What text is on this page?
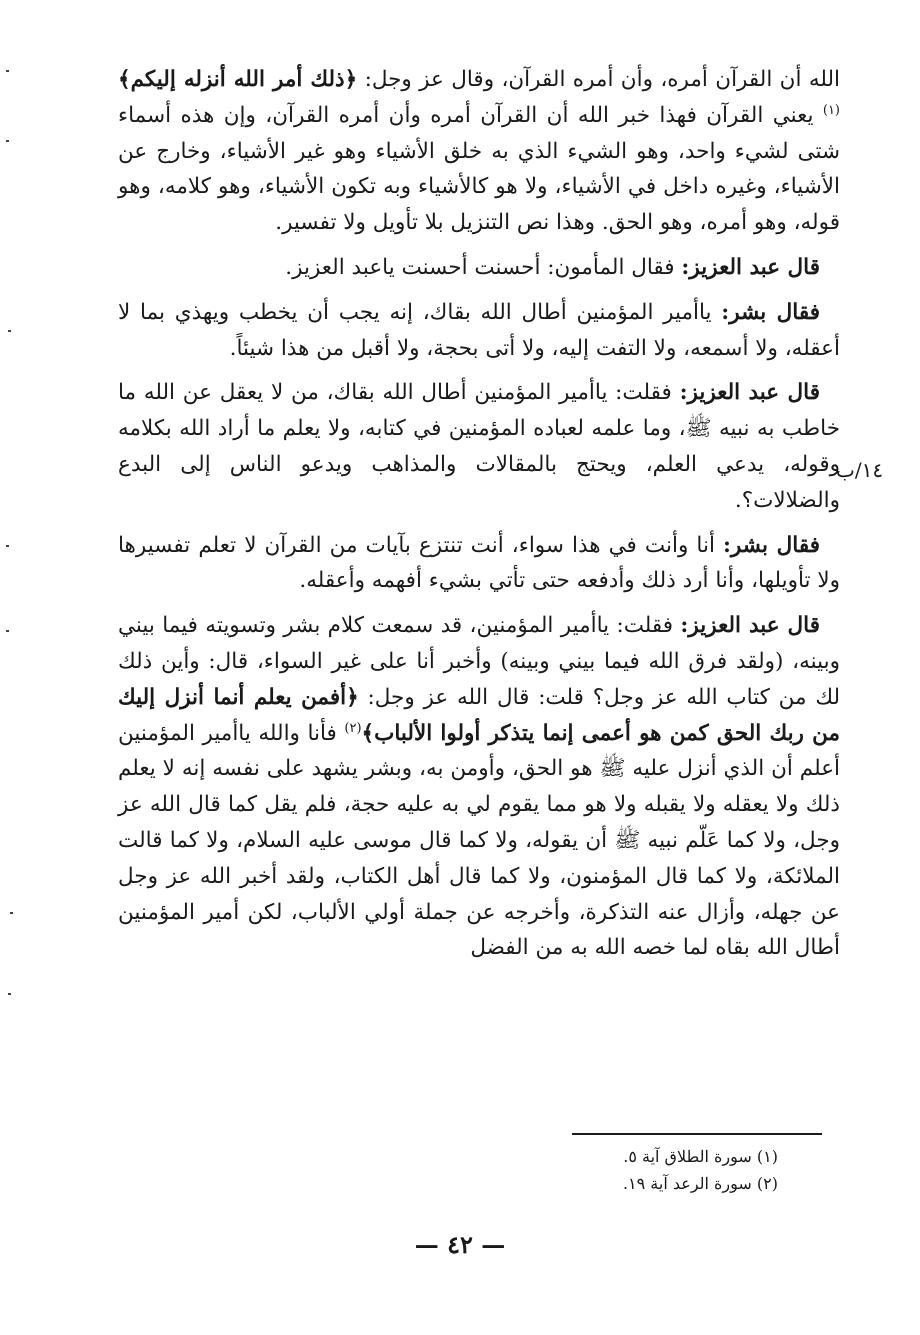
الله أن القرآن أمره، وأن أمره القرآن، وقال عز وجل: ﴿ذلك أمر الله أنزله إليكم﴾$^{(١)}$ يعني القرآن فهذا خبر الله أن القرآن أمره وأن أمره القرآن، وإن هذه أسماء شتى لشيء واحد، وهو الشيء الذي به خلق الأشياء وهو غير الأشياء، وخارج عن الأشياء، وغيره داخل في الأشياء، ولا هو كالأشياء وبه تكون الأشياء، وهو كلامه، وهو قوله، وهو أمره، وهو الحق. وهذا نص التنزيل بلا تأويل ولا تفسير.

قال عبد العزيز: فقال المأمون: أحسنت أحسنت ياعبد العزيز.

فقال بشر: ياأمير المؤمنين أطال الله بقاك، إنه يجب أن يخطب ويهذي بما لا أعقله، ولا أسمعه، ولا التفت إليه، ولا أتى بحجة، ولا أقبل من هذا شيئاً.

قال عبد العزيز: فقلت: ياأمير المؤمنين أطال الله بقاك، من لا يعقل عن الله ما خاطب به نبيه ﷺ، وما علمه لعباده المؤمنين في كتابه، ولا يعلم ما أراد الله بكلامه وقوله، يدعي العلم، ويحتج بالمقالات والمذاهب ويدعو الناس إلى البدع والضلالات؟.

فقال بشر: أنا وأنت في هذا سواء، أنت تنتزع بآيات من القرآن لا تعلم تفسيرها ولا تأويلها، وأنا أرد ذلك وأدفعه حتى تأتي بشيء أفهمه وأعقله.

قال عبد العزيز: فقلت: ياأمير المؤمنين، قد سمعت كلام بشر وتسويته فيما بيني وبينه، (ولقد فرق الله فيما بيني وبينه) وأخبر أنا على غير السواء، قال: وأين ذلك لك من كتاب الله عز وجل؟ قلت: قال الله عز وجل: ﴿أفمن يعلم أنما أنزل إليك من ربك الحق كمن هو أعمى إنما يتذكر أولوا الألباب﴾$^{(٢)}$ فأنا والله ياأمير المؤمنين أعلم أن الذي أنزل عليه ﷺ هو الحق، وأومن به، وبشر يشهد على نفسه إنه لا يعلم ذلك ولا يعقله ولا يقبله ولا هو مما يقوم لي به عليه حجة، فلم يقل كما قال الله عز وجل، ولا كما عَلّم نبيه ﷺ أن يقوله، ولا كما قال موسى عليه السلام، ولا كما قالت الملائكة، ولا كما قال المؤمنون، ولا كما قال أهل الكتاب، ولقد أخبر الله عز وجل عن جهله، وأزال عنه التذكرة، وأخرجه عن جملة أولي الألباب، لكن أمير المؤمنين أطال الله بقاه لما خصه الله به من الفضل

١٤/ب
(١) سورة الطلاق آية ٥.
(٢) سورة الرعد آية ١٩.
— ٤٢ —
